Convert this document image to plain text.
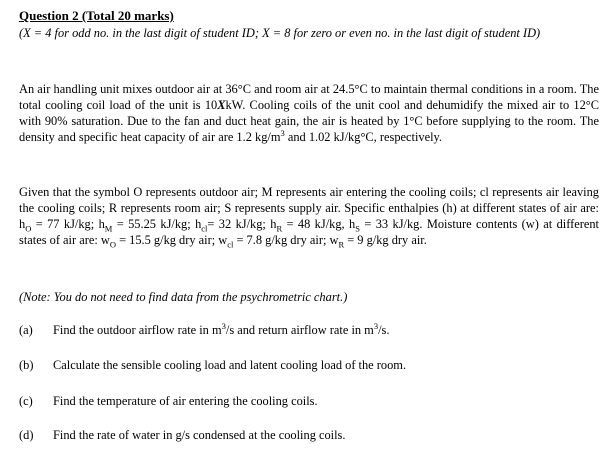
Question 2 (Total 20 marks)
(X = 4 for odd no. in the last digit of student ID; X = 8 for zero or even no. in the last digit of student ID)
An air handling unit mixes outdoor air at 36°C and room air at 24.5°C to maintain thermal conditions in a room. The total cooling coil load of the unit is 10XkW. Cooling coils of the unit cool and dehumidify the mixed air to 12°C with 90% saturation. Due to the fan and duct heat gain, the air is heated by 1°C before supplying to the room. The density and specific heat capacity of air are 1.2 $kg/m^3$ and 1.02 kJ/kg°C, respectively.
Given that the symbol O represents outdoor air; M represents air entering the cooling coils; cl represents air leaving the cooling coils; R represents room air; S represents supply air. Specific enthalpies (h) at different states of air are: $h_O = 77$ kJ/kg; $h_M = 55.25$ kJ/kg; $h_{cl}= 32$ kJ/kg; $h_R = 48$ kJ/kg, $h_S = 33$ kJ/kg. Moisture contents (w) at different states of air are: $w_O = 15.5$ g/kg dry air; $w_{cl} = 7.8$ g/kg dry air; $w_R = 9$ g/kg dry air.
(Note: You do not need to find data from the psychrometric chart.)
(a) Find the outdoor airflow rate in $m^3/s$ and return airflow rate in $m^3/s$.
(b) Calculate the sensible cooling load and latent cooling load of the room.
(c) Find the temperature of air entering the cooling coils.
(d) Find the rate of water in g/s condensed at the cooling coils.
